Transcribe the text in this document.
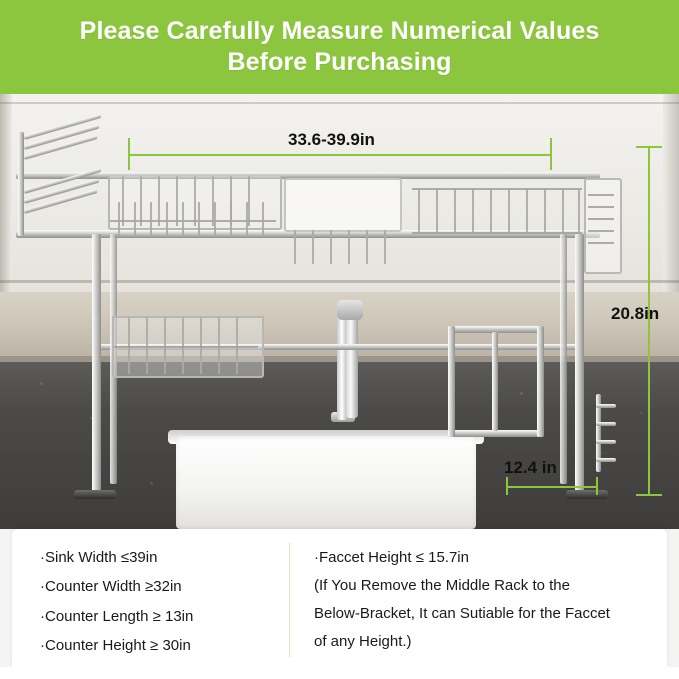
Please Carefully Measure Numerical Values
Before Purchasing
33.6-39.9in
20.8in
12.4 in
·Sink Width ≤39in
·Counter Width ≥32in
·Counter Length ≥ 13in
·Counter Height ≥ 30in
·Faccet Height ≤ 15.7in
(If You Remove the Middle Rack to the
Below-Bracket, It can Sutiable for the Faccet
of any Height.)
